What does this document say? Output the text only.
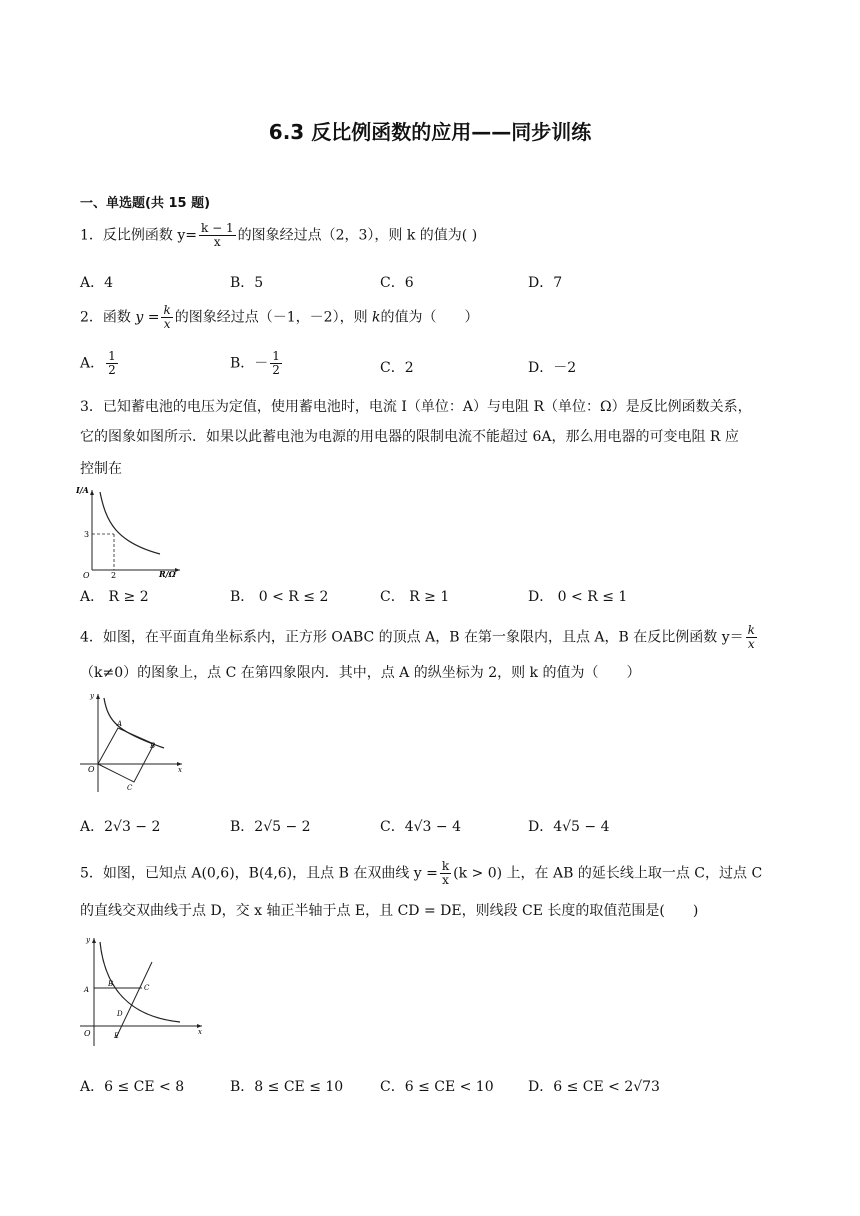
6.3 反比例函数的应用——同步训练
一、单选题(共 15 题)
1．反比例函数 $y= \frac{k - 1}{x}$ 的图象经过点（2，3），则 k 的值为( )
A．4	B．5	C．6	D．7
2．函数 $y = \frac{k}{x}$ 的图象经过点（－1，－2），则 k的值为（　　）
A． $\frac{1}{2}$	B．－ $\frac{1}{2}$	C．2	D．－2
3．已知蓄电池的电压为定值，使用蓄电池时，电流 I（单位：A）与电阻 R（单位：Ω）是反比例函数关系，
它的图象如图所示．如果以此蓄电池为电源的用电器的限制电流不能超过 6A，那么用电器的可变电阻 R 应
控制在
I/A
R/Ω
O
3
2
A． R ≥ 2	B． 0 < R ≤ 2	C． R ≥ 1	D． 0 < R ≤ 1
4．如图，在平面直角坐标系内，正方形 OABC 的顶点 A，B 在第一象限内，且点 A，B 在反比例函数 $y= \frac{k}{x}$
（k≠0）的图象上，点 C 在第四象限内．其中，点 A 的纵坐标为 2，则 k 的值为（　　）
y
x
O
A
B
C
A．2√3 − 2	B．2√5 − 2	C．4√3 − 4	D．4√5 − 4
5．如图，已知点 A(0,6)，B(4,6)，且点 B 在双曲线 $y = \frac{k}{x} (k > 0)$ 上，在 AB 的延长线上取一点 C，过点 C
的直线交双曲线于点 D，交 x 轴正半轴于点 E，且 CD = DE，则线段 CE 长度的取值范围是(　　)
y
x
O
A
B	C
D
E
A．6 ≤ CE < 8	B．8 ≤ CE ≤ 10	C．6 ≤ CE < 10 D．6 ≤ CE < 2√73
